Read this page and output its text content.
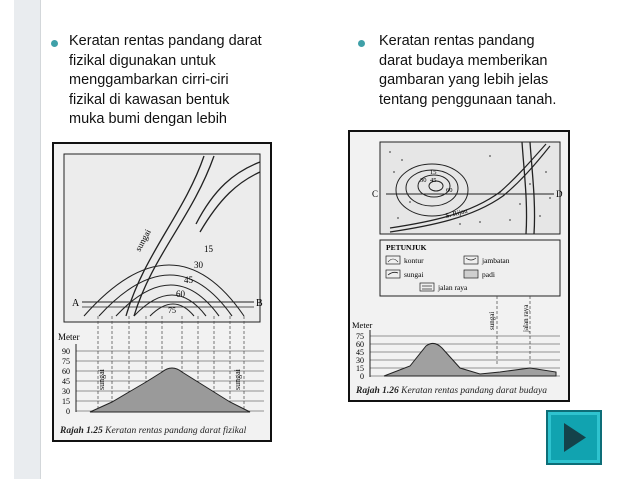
Keratan rentas pandang darat
fizikal digunakan untuk
menggambarkan cirri-ciri
fizikal di kawasan bentuk
muka bumi dengan lebih
Keratan rentas pandang
darat budaya memberikan
gambaran yang lebih jelas
tentang penggunaan tanah.
A	B
sungai	15
30
45
60
75
Meter
90
75
60
45
30
15
0
sungai	sungai
Rajah 1.25 Keratan rentas pandang darat fizikal
15
30 45
60
C	D
S. Rijau
PETUNJUK
kontur
sungai
jambatan
padi
jalan raya
sungai	jalan raya
Meter
75
60
45
30
15
0
Rajah 1.26 Keratan rentas pandang darat budaya
